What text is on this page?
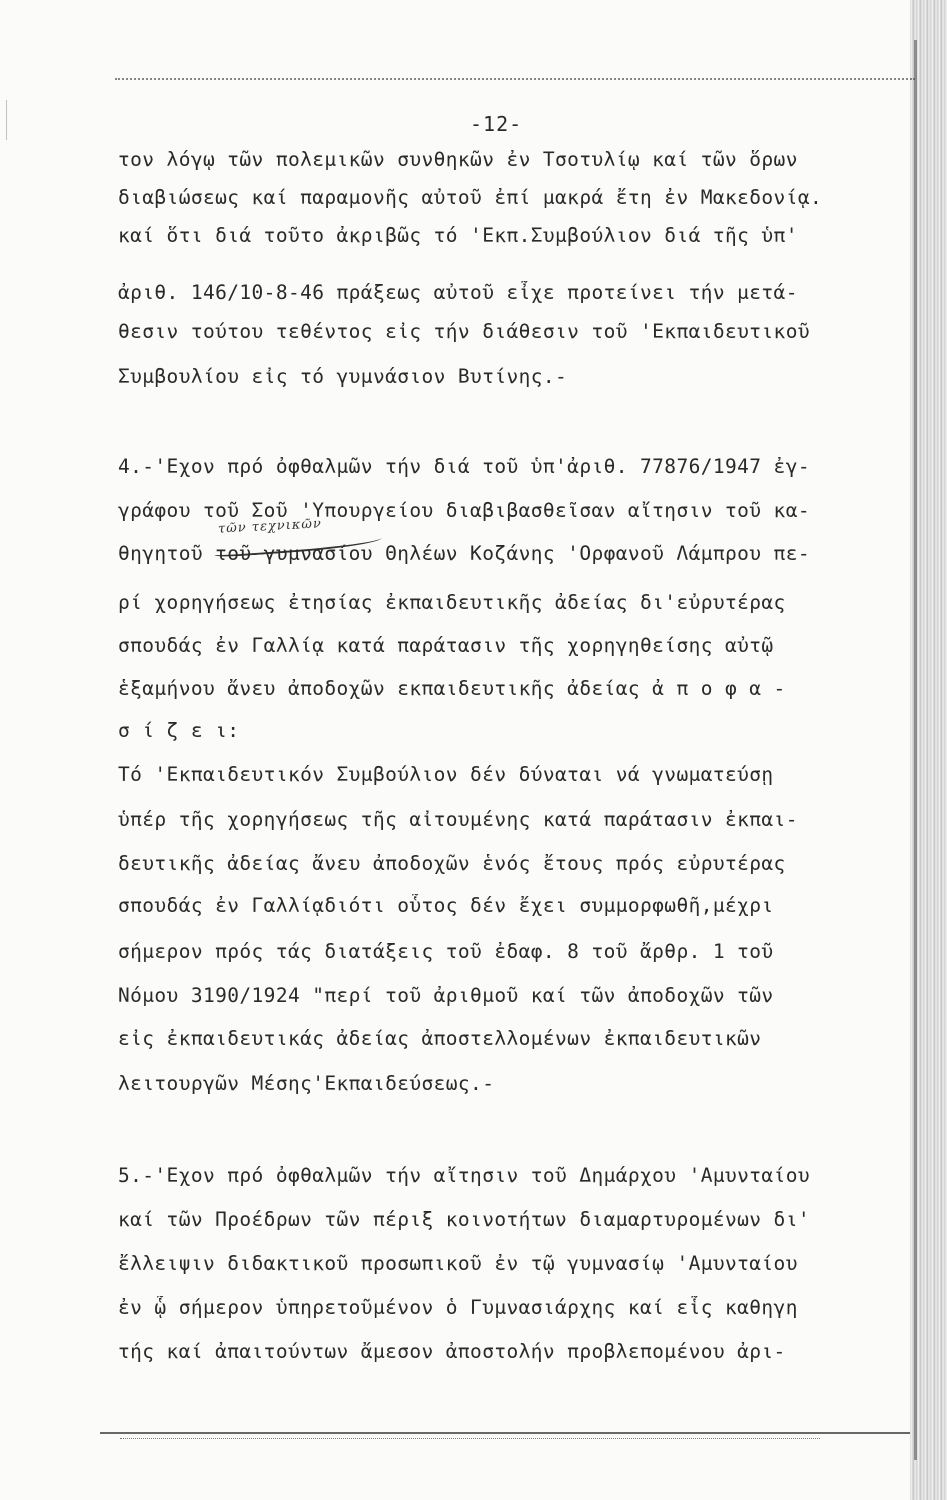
-12-
τον λόγῳ τῶν πολεμικῶν συνθηκῶν ἐν Τσοτυλίῳ καί τῶν ὅρων
διαβιώσεως καί παραμονῆς αὐτοῦ ἐπί μακρά ἔτη ἐν Μακεδονίᾳ.
καί ὅτι διά τοῦτο ἀκριβῶς τό 'Εκπ.Συμβούλιον διά τῆς ὑπ'
ἀριθ. 146/10-8-46 πράξεως αὐτοῦ εἶχε προτείνει τήν μετά-
θεσιν τούτου τεθέντος εἰς τήν διάθεσιν τοῦ 'Εκπαιδευτικοῦ
Συμβουλίου εἰς τό γυμνάσιον Βυτίνης.-
4.-'Εχον πρό ὀφθαλμῶν τήν διά τοῦ ὑπ'ἀριθ. 77876/1947 ἐγ-
γράφου τοῦ Σοῦ 'Υπουργείου διαβιβασθεῖσαν αἴτησιν τοῦ κα-
τῶν τεχνικῶν
θηγητοῦ τοῦ γυμνασίου Θηλέων Κοζάνης 'Ορφανοῦ Λάμπρου πε-
ρί χορηγήσεως ἐτησίας ἐκπαιδευτικῆς ἀδείας δι'εὐρυτέρας
σπουδάς ἐν Γαλλίᾳ κατά παράτασιν τῆς χορηγηθείσης αὐτῷ
ἑξαμήνου ἄνευ ἀποδοχῶν εκπαιδευτικῆς ἀδείας ἀ π ο φ α -
σ ί ζ ε ι:
Τό 'Εκπαιδευτικόν Συμβούλιον δέν δύναται νά γνωματεύσῃ
ὑπέρ τῆς χορηγήσεως τῆς αἰτουμένης κατά παράτασιν ἐκπαι-
δευτικῆς ἀδείας ἄνευ ἀποδοχῶν ἑνός ἔτους πρός εὐρυτέρας
σπουδάς ἐν Γαλλίᾳδιότι οὗτος δέν ἔχει συμμορφωθῆ,μέχρι
σήμερον πρός τάς διατάξεις τοῦ ἐδαφ. 8 τοῦ ἄρθρ. 1 τοῦ
Νόμου 3190/1924 "περί τοῦ ἀριθμοῦ καί τῶν ἀποδοχῶν τῶν
εἰς ἐκπαιδευτικάς ἀδείας ἀποστελλομένων ἐκπαιδευτικῶν
λειτουργῶν Μέσης'Εκπαιδεύσεως.-
5.-'Εχον πρό ὀφθαλμῶν τήν αἴτησιν τοῦ Δημάρχου 'Αμυνταίου
καί τῶν Προέδρων τῶν πέριξ κοινοτήτων διαμαρτυρομένων δι'
ἔλλειψιν διδακτικοῦ προσωπικοῦ ἐν τῷ γυμνασίῳ 'Αμυνταίου
ἐν ᾧ σήμερον ὑπηρετοῦμένον ὁ Γυμνασιάρχης καί εἷς καθηγη
τής καί ἀπαιτούντων ἄμεσον ἀποστολήν προβλεπομένου ἀρι-
